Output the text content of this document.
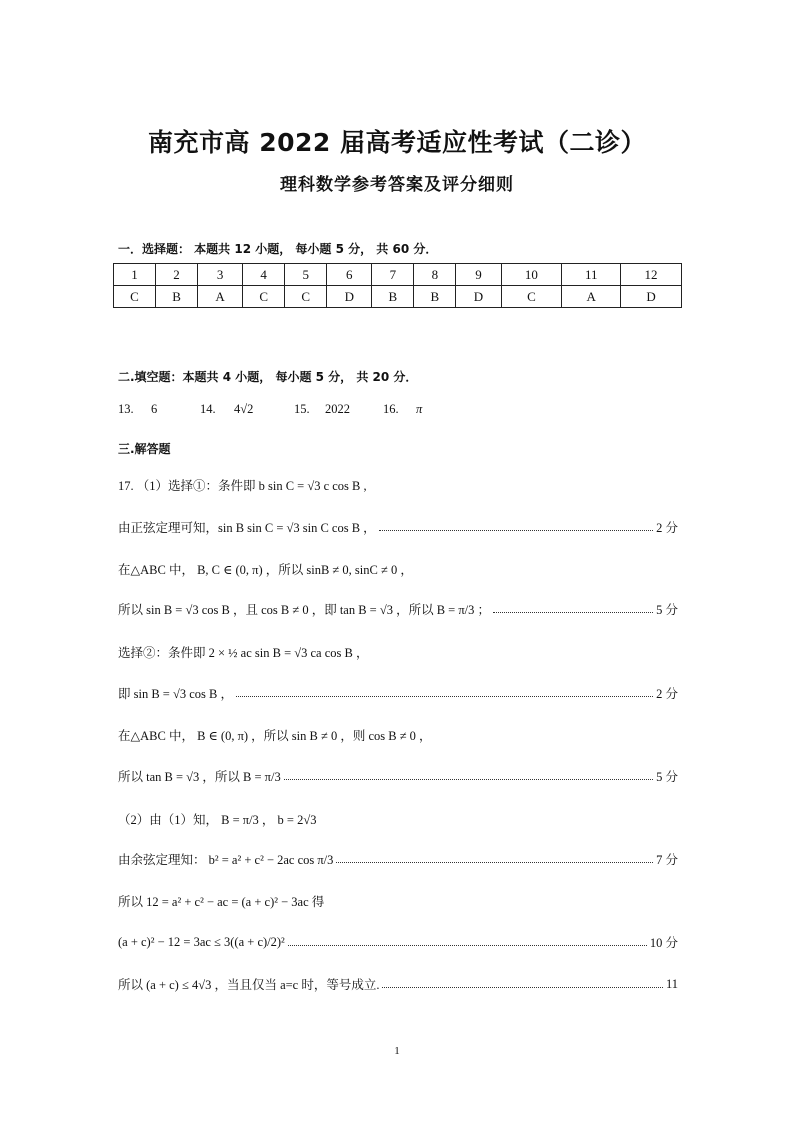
南充市高 2022 届高考适应性考试（二诊）
理科数学参考答案及评分细则
一．选择题： 本题共 12 小题， 每小题 5 分， 共 60 分．
1	2	3	4	5	6	7	8	9	10	11	12
C	B	A	C	C	D	B	B	D	C	A	D
二.填空题：本题共 4 小题， 每小题 5 分， 共 20 分．
13. 6	14. 4√2	15. 2022	16. π
三.解答题
17. （1）选择①：条件即 b sin C = √3 c cos B ,
由正弦定理可知，sin B sin C = √3 sin C cos B ，	2 分
在△ABC 中， B, C ∈ (0, π) ，所以 sinB ≠ 0, sinC ≠ 0 ，
所以 sin B = √3 cos B ，且 cos B ≠ 0 ，即 tan B = √3 ，所以 B = π/3 ；	5 分
选择②：条件即 2 × ½ ac sin B = √3 ca cos B ，
即 sin B = √3 cos B ，	2 分
在△ABC 中， B ∈ (0, π) ，所以 sin B ≠ 0 ，则 cos B ≠ 0 ，
所以 tan B = √3 ，所以 B = π/3	5 分
（2）由（1）知， B = π/3 ， b = 2√3
由余弦定理知： b² = a² + c² − 2ac cos π/3	7 分
所以 12 = a² + c² − ac = (a + c)² − 3ac 得
(a + c)² − 12 = 3ac ≤ 3((a + c)/2)²	10 分
所以 (a + c) ≤ 4√3 ，当且仅当 a=c 时，等号成立.	11
1
